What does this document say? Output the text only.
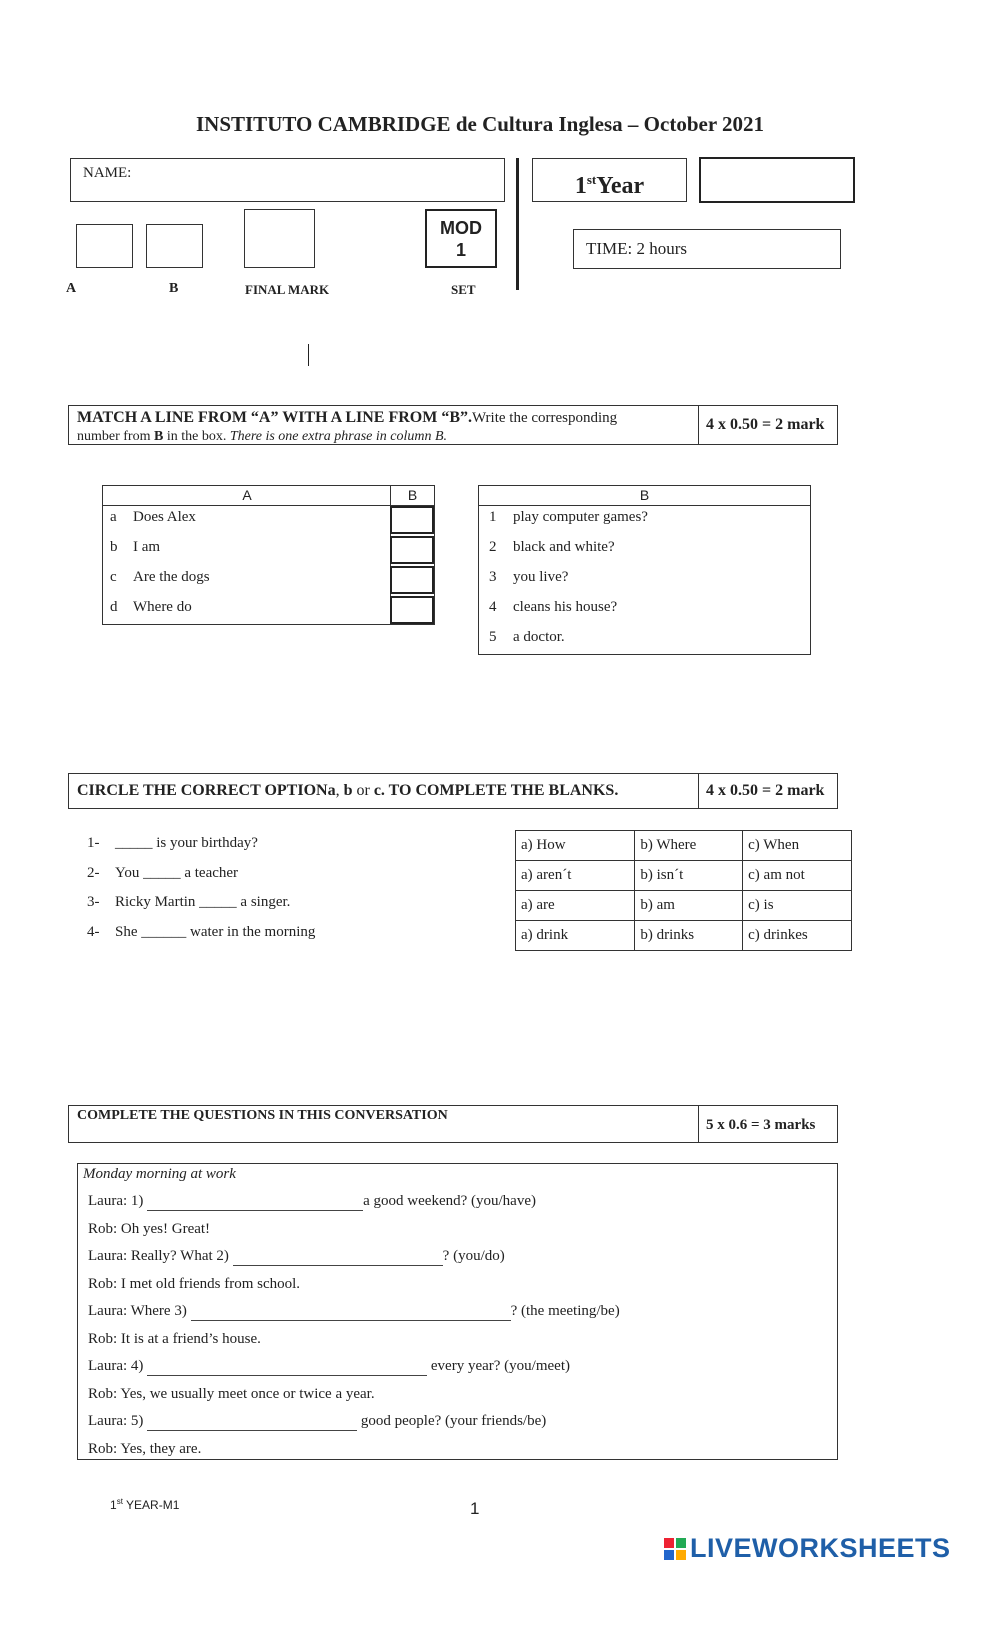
INSTITUTO CAMBRIDGE de Cultura Inglesa – October 2021
NAME:	1stYear
MOD
1	TIME: 2 hours
A	B	FINAL MARK	SET
MATCH A LINE FROM “A” WITH A LINE FROM “B”.Write the corresponding
number from B in the box. There is one extra phrase in column B.
4 x 0.50 = 2 mark
A	B
a Does Alex
b I am
c Are the dogs
d Where do
B
1 play computer games?
2 black and white?
3 you live?
4 cleans his house?
5 a doctor.
CIRCLE THE CORRECT OPTIONa, b or c. TO COMPLETE THE BLANKS.	4 x 0.50 = 2 mark
1- _____ is your birthday?
2- You _____ a teacher
3- Ricky Martin _____ a singer.
4- She ______ water in the morning
a) How	b) Where	c) When
a) aren´t	b) isn´t	c) am not
a) are	b) am	c) is
a) drink	b) drinks	c) drinkes
COMPLETE THE QUESTIONS IN THIS CONVERSATION
5 x 0.6 = 3 marks
Monday morning at work

Laura: 1)	a good weekend? (you/have)

Rob: Oh yes! Great!

Laura: Really? What 2)	? (you/do)

Rob: I met old friends from school.

Laura: Where 3)	? (the meeting/be)

Rob: It is at a friend’s house.

Laura: 4)	every year? (you/meet)

Rob: Yes, we usually meet once or twice a year.

Laura: 5)	good people? (your friends/be)

Rob: Yes, they are.

1st YEAR-M1	1
LIVEWORKSHEETS
